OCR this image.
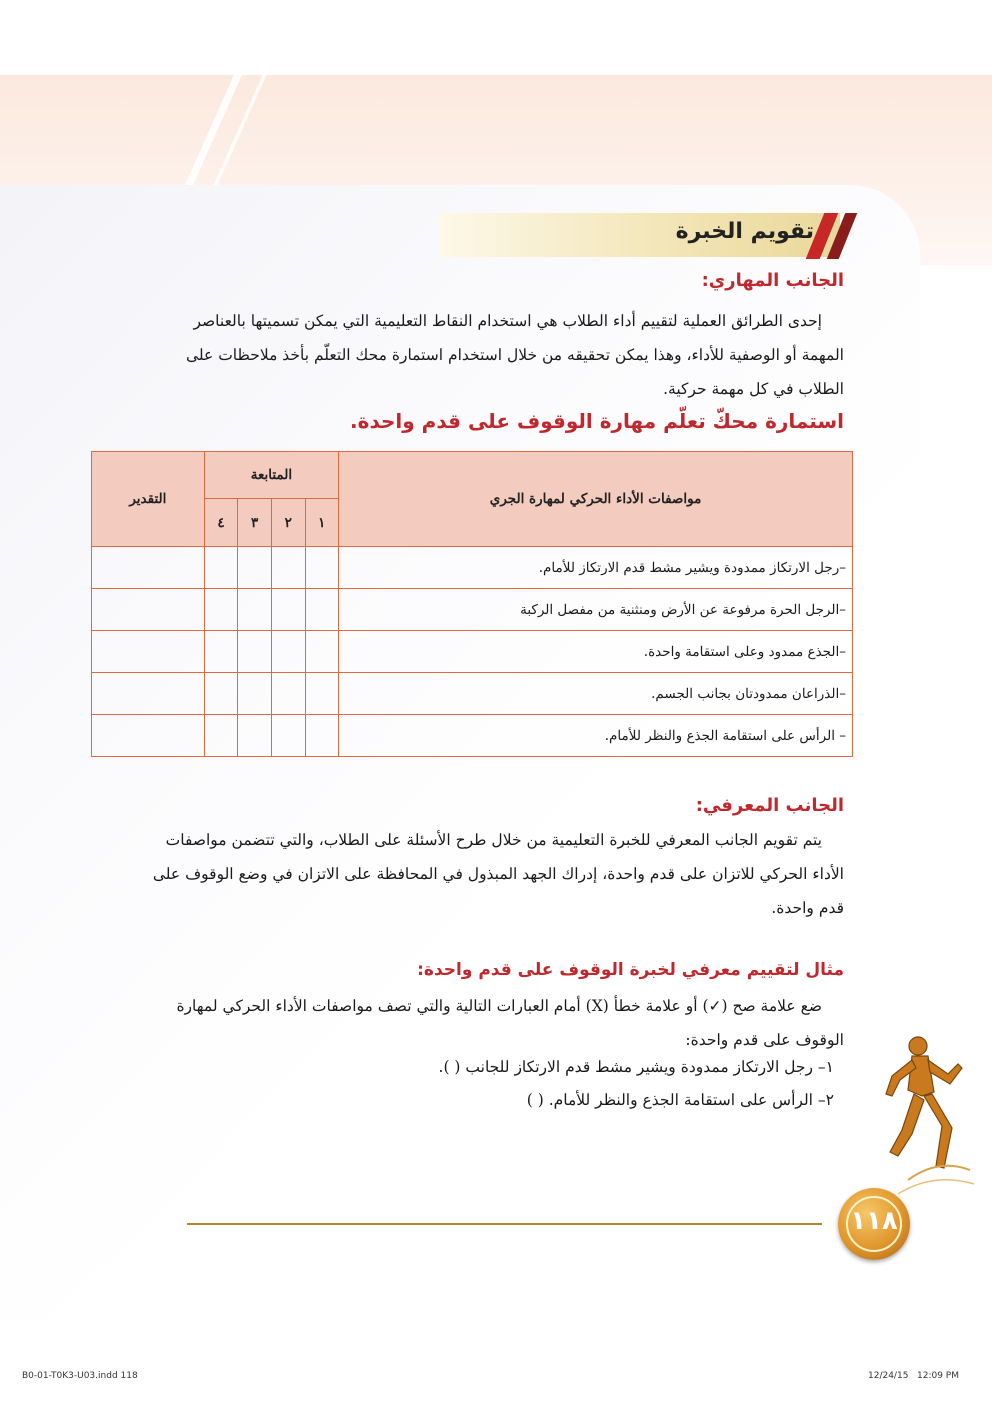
تقويم الخبرة
الجانب المهاري:
إحدى الطرائق العملية لتقييم أداء الطلاب هي استخدام النقاط التعليمية التي يمكن تسميتها بالعناصر
المهمة أو الوصفية للأداء، وهذا يمكن تحقيقه من خلال استخدام استمارة محك التعلّم بأخذ ملاحظات على
الطلاب في كل مهمة حركية.
استمارة محكّ تعلّم مهارة الوقوف على قدم واحدة.
مواصفات الأداء الحركي لمهارة الجري	المتابعة				التقدير
	١	٢	٣	٤	
–رجل الارتكاز ممدودة ويشير مشط قدم الارتكاز للأمام.					
–الرجل الحرة مرفوعة عن الأرض ومنثنية من مفصل الركبة					
–الجذع ممدود وعلى استقامة واحدة.					
–الذراعان ممدودتان بجانب الجسم.					
– الرأس على استقامة الجذع والنظر للأمام.					
الجانب المعرفي:
يتم تقويم الجانب المعرفي للخبرة التعليمية من خلال طرح الأسئلة على الطلاب، والتي تتضمن مواصفات
الأداء الحركي للاتزان على قدم واحدة، إدراك الجهد المبذول في المحافظة على الاتزان في وضع الوقوف على
قدم واحدة.
مثال لتقييم معرفي لخبرة الوقوف على قدم واحدة:
ضع علامة صح (✓) أو علامة خطأ (X) أمام العبارات التالية والتي تصف مواصفات الأداء الحركي لمهارة
الوقوف على قدم واحدة:
١– رجل الارتكاز ممدودة ويشير مشط قدم الارتكاز للجانب ( ).
٢– الرأس على استقامة الجذع والنظر للأمام. ( )
١١٨
B0-01-T0K3-U03.indd 118	12/24/15   12:09 PM
